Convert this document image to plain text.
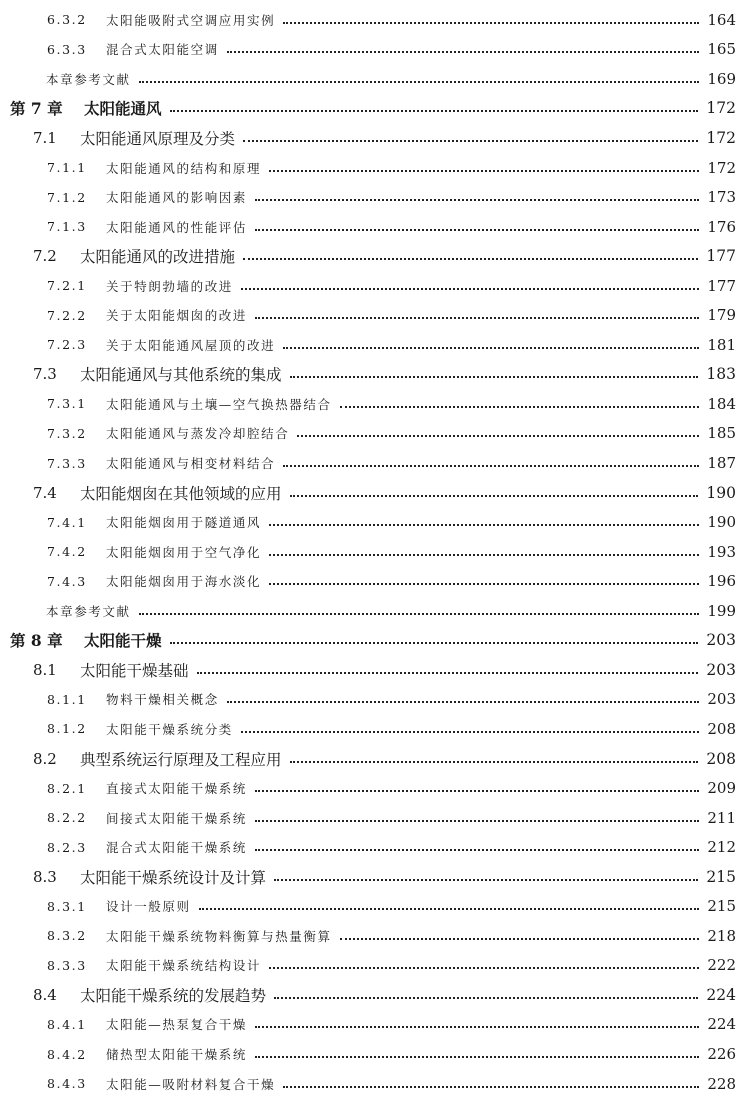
6.3.2 太阳能吸附式空调应用实例	164
6.3.3 混合式太阳能空调	165
本章参考文献	169
第 7 章 太阳能通风	172
7.1 太阳能通风原理及分类	172
7.1.1 太阳能通风的结构和原理	172
7.1.2 太阳能通风的影响因素	173
7.1.3 太阳能通风的性能评估	176
7.2 太阳能通风的改进措施	177
7.2.1 关于特朗勃墙的改进	177
7.2.2 关于太阳能烟囱的改进	179
7.2.3 关于太阳能通风屋顶的改进	181
7.3 太阳能通风与其他系统的集成	183
7.3.1 太阳能通风与土壤—空气换热器结合	184
7.3.2 太阳能通风与蒸发冷却腔结合	185
7.3.3 太阳能通风与相变材料结合	187
7.4 太阳能烟囱在其他领域的应用	190
7.4.1 太阳能烟囱用于隧道通风	190
7.4.2 太阳能烟囱用于空气净化	193
7.4.3 太阳能烟囱用于海水淡化	196
本章参考文献	199
第 8 章 太阳能干燥	203
8.1 太阳能干燥基础	203
8.1.1 物料干燥相关概念	203
8.1.2 太阳能干燥系统分类	208
8.2 典型系统运行原理及工程应用	208
8.2.1 直接式太阳能干燥系统	209
8.2.2 间接式太阳能干燥系统	211
8.2.3 混合式太阳能干燥系统	212
8.3 太阳能干燥系统设计及计算	215
8.3.1 设计一般原则	215
8.3.2 太阳能干燥系统物料衡算与热量衡算	218
8.3.3 太阳能干燥系统结构设计	222
8.4 太阳能干燥系统的发展趋势	224
8.4.1 太阳能—热泵复合干燥	224
8.4.2 储热型太阳能干燥系统	226
8.4.3 太阳能—吸附材料复合干燥	228
